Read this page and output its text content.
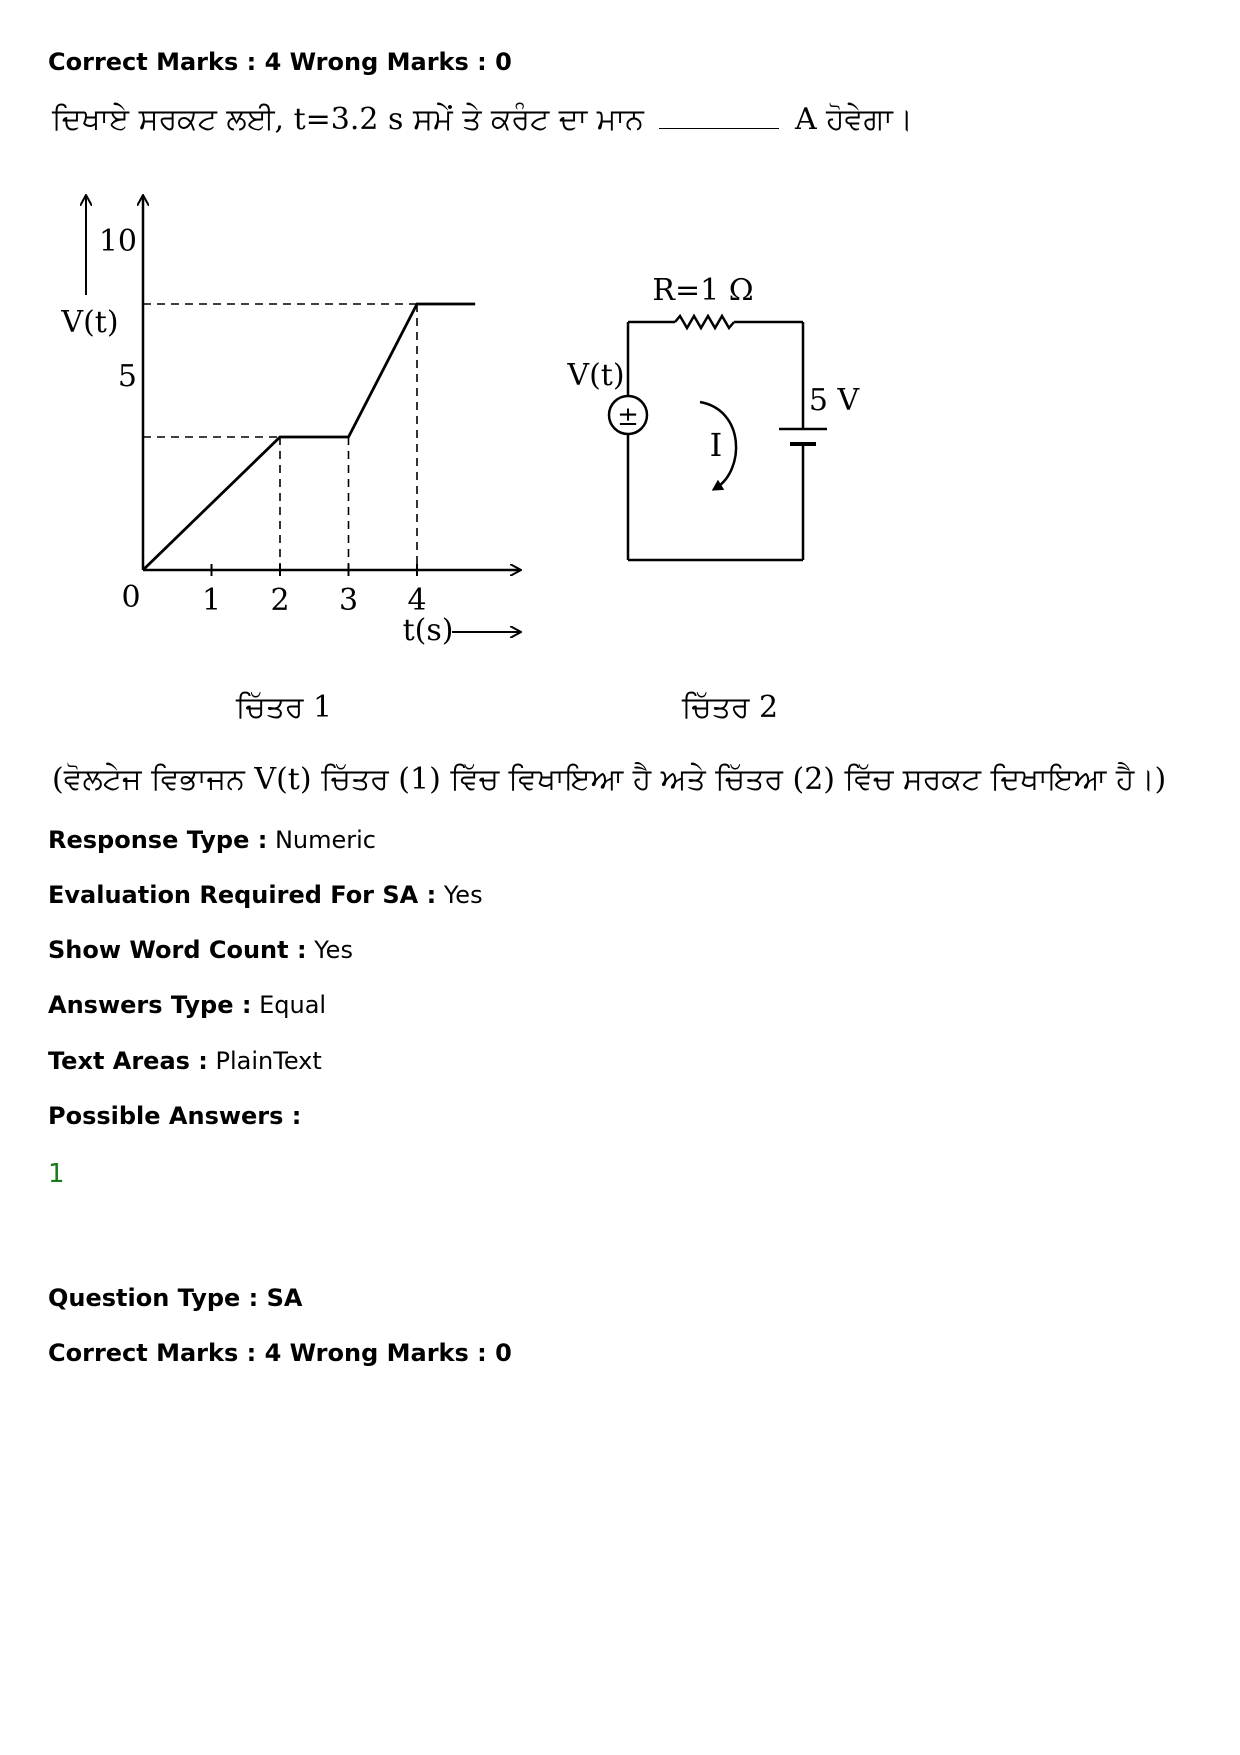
Correct Marks : 4 Wrong Marks : 0
ਦਿਖਾਏ ਸਰਕਟ ਲਈ, t=3.2 s ਸਮੇਂ ਤੇ ਕਰੰਟ ਦਾ ਮਾਨ	A ਹੋਵੇਗਾ।
V(t)
10
5
0 1 2 3 4
t(s)
ਚਿੱਤਰ 1
±
R=1 Ω
V(t)
5 V
I
ਚਿੱਤਰ 2
(ਵੋਲਟੇਜ ਵਿਭਾਜਨ V(t) ਚਿੱਤਰ (1) ਵਿੱਚ ਵਿਖਾਇਆ ਹੈ ਅਤੇ ਚਿੱਤਰ (2) ਵਿੱਚ ਸਰਕਟ ਦਿਖਾਇਆ ਹੈ।)
Response Type : Numeric
Evaluation Required For SA : Yes
Show Word Count : Yes
Answers Type : Equal
Text Areas : PlainText
Possible Answers :
1
Question Type : SA
Correct Marks : 4 Wrong Marks : 0
